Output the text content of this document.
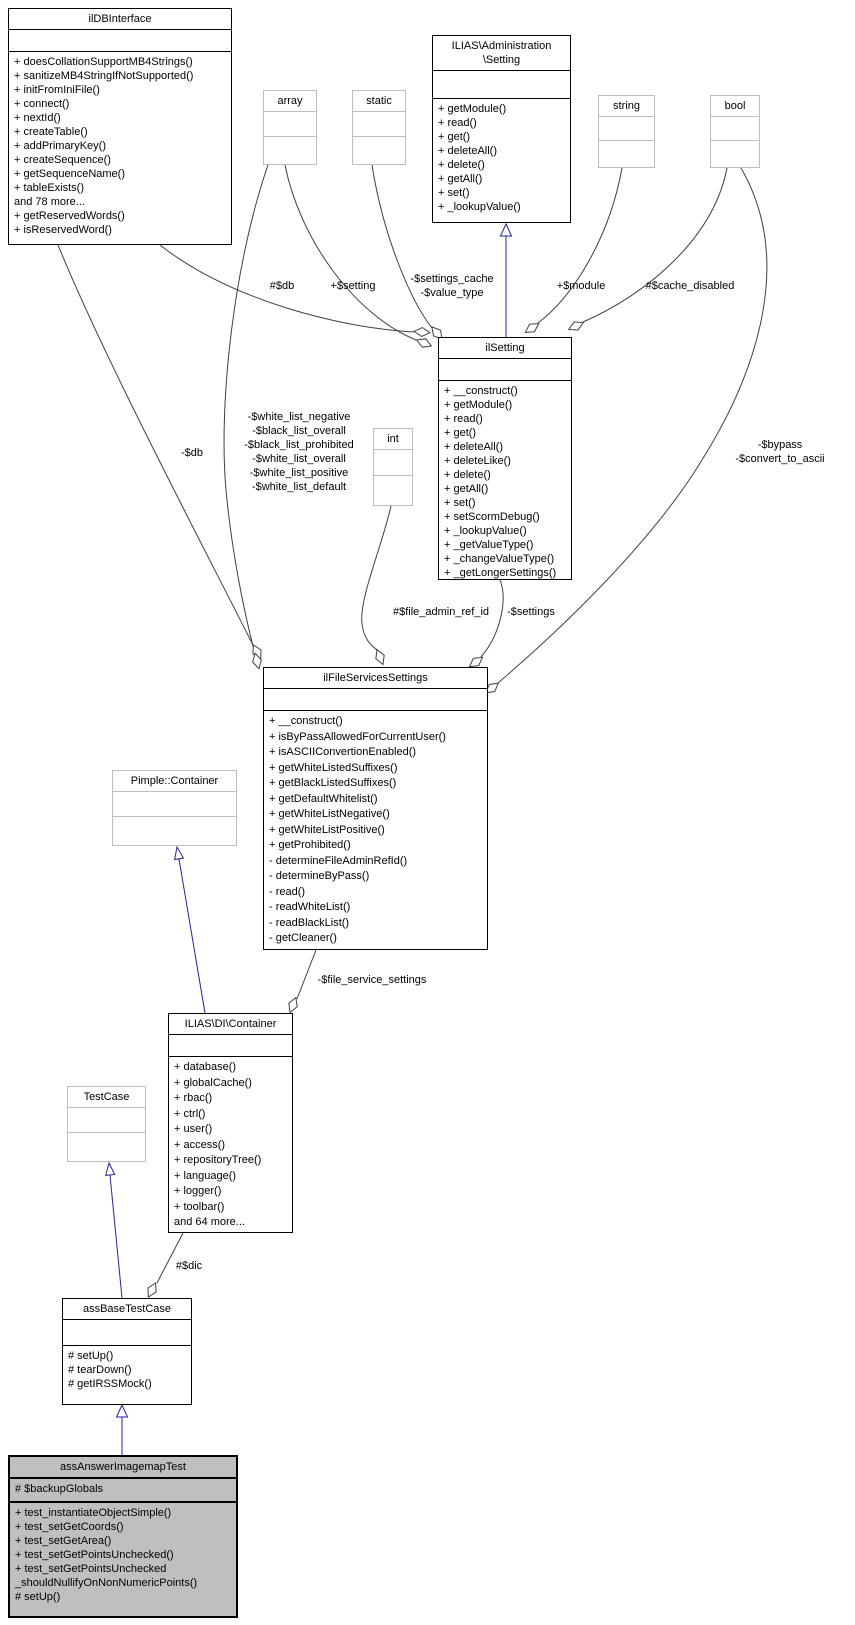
#$db	+$setting
-$settings_cache
-$value_type
+$module	#$cache_disabled
-$db
-$white_list_negative
-$black_list_overall
-$black_list_prohibited
-$white_list_overall
-$white_list_positive
-$white_list_default
-$bypass
-$convert_to_ascii
#$file_admin_ref_id -$settings
-$file_service_settings
#$dic
ilDBInterface
+ doesCollationSupportMB4Strings()
+ sanitizeMB4StringIfNotSupported()
+ initFromIniFile()
+ connect()
+ nextId()
+ createTable()
+ addPrimaryKey()
+ createSequence()
+ getSequenceName()
+ tableExists()
and 78 more...
+ getReservedWords()
+ isReservedWord()
ILIAS\Administration
\Setting
+ getModule()
+ read()
+ get()
+ deleteAll()
+ delete()
+ getAll()
+ set()
+ _lookupValue()
array	static	string	bool
ilSetting
+ __construct()
+ getModule()
+ read()
+ get()
+ deleteAll()
+ deleteLike()
+ delete()
+ getAll()
+ set()
+ setScormDebug()
+ _lookupValue()
+ _getValueType()
+ _changeValueType()
+ _getLongerSettings()
int
ilFileServicesSettings
+ __construct()
+ isByPassAllowedForCurrentUser()
+ isASCIIConvertionEnabled()
+ getWhiteListedSuffixes()
+ getBlackListedSuffixes()
+ getDefaultWhitelist()
+ getWhiteListNegative()
+ getWhiteListPositive()
+ getProhibited()
- determineFileAdminRefId()
- determineByPass()
- read()
- readWhiteList()
- readBlackList()
- getCleaner()
Pimple::Container
ILIAS\DI\Container
+ database()
+ globalCache()
+ rbac()
+ ctrl()
+ user()
+ access()
+ repositoryTree()
+ language()
+ logger()
+ toolbar()
and 64 more...
TestCase
assBaseTestCase
# setUp()
# tearDown()
# getIRSSMock()
assAnswerImagemapTest
# $backupGlobals
+ test_instantiateObjectSimple()
+ test_setGetCoords()
+ test_setGetArea()
+ test_setGetPointsUnchecked()
+ test_setGetPointsUnchecked
_shouldNullifyOnNonNumericPoints()
# setUp()
